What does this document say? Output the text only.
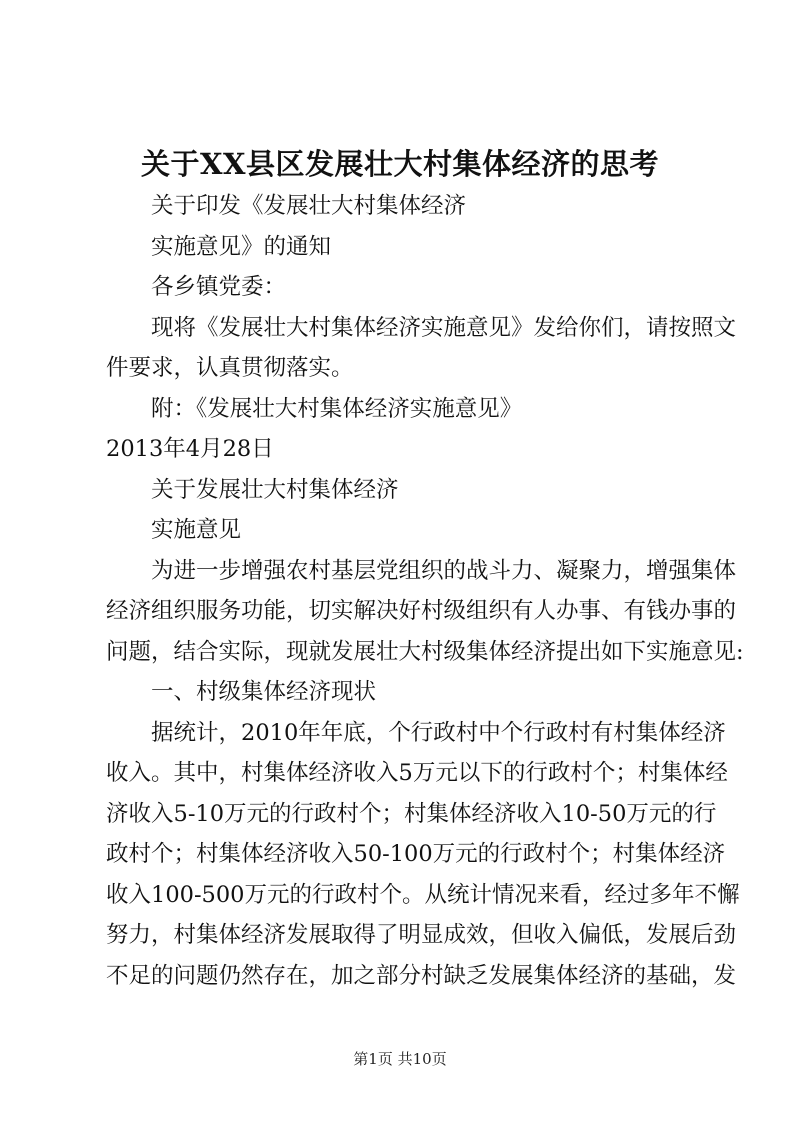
关于XX县区发展壮大村集体经济的思考

关于印发《发展壮大村集体经济

实施意见》的通知

各乡镇党委：

现将《发展壮大村集体经济实施意见》发给你们，请按照文

件要求，认真贯彻落实。

附：《发展壮大村集体经济实施意见》

2013年4月28日

关于发展壮大村集体经济

实施意见

为进一步增强农村基层党组织的战斗力、凝聚力，增强集体

经济组织服务功能，切实解决好村级组织有人办事、有钱办事的

问题，结合实际，现就发展壮大村级集体经济提出如下实施意见:

一、村级集体经济现状

据统计，2010年年底，个行政村中个行政村有村集体经济

收入。其中，村集体经济收入5万元以下的行政村个；村集体经

济收入5-10万元的行政村个；村集体经济收入10-50万元的行

政村个；村集体经济收入50-100万元的行政村个；村集体经济

收入100-500万元的行政村个。从统计情况来看，经过多年不懈

努力，村集体经济发展取得了明显成效，但收入偏低，发展后劲

不足的问题仍然存在，加之部分村缺乏发展集体经济的基础，发

第1页 共10页
